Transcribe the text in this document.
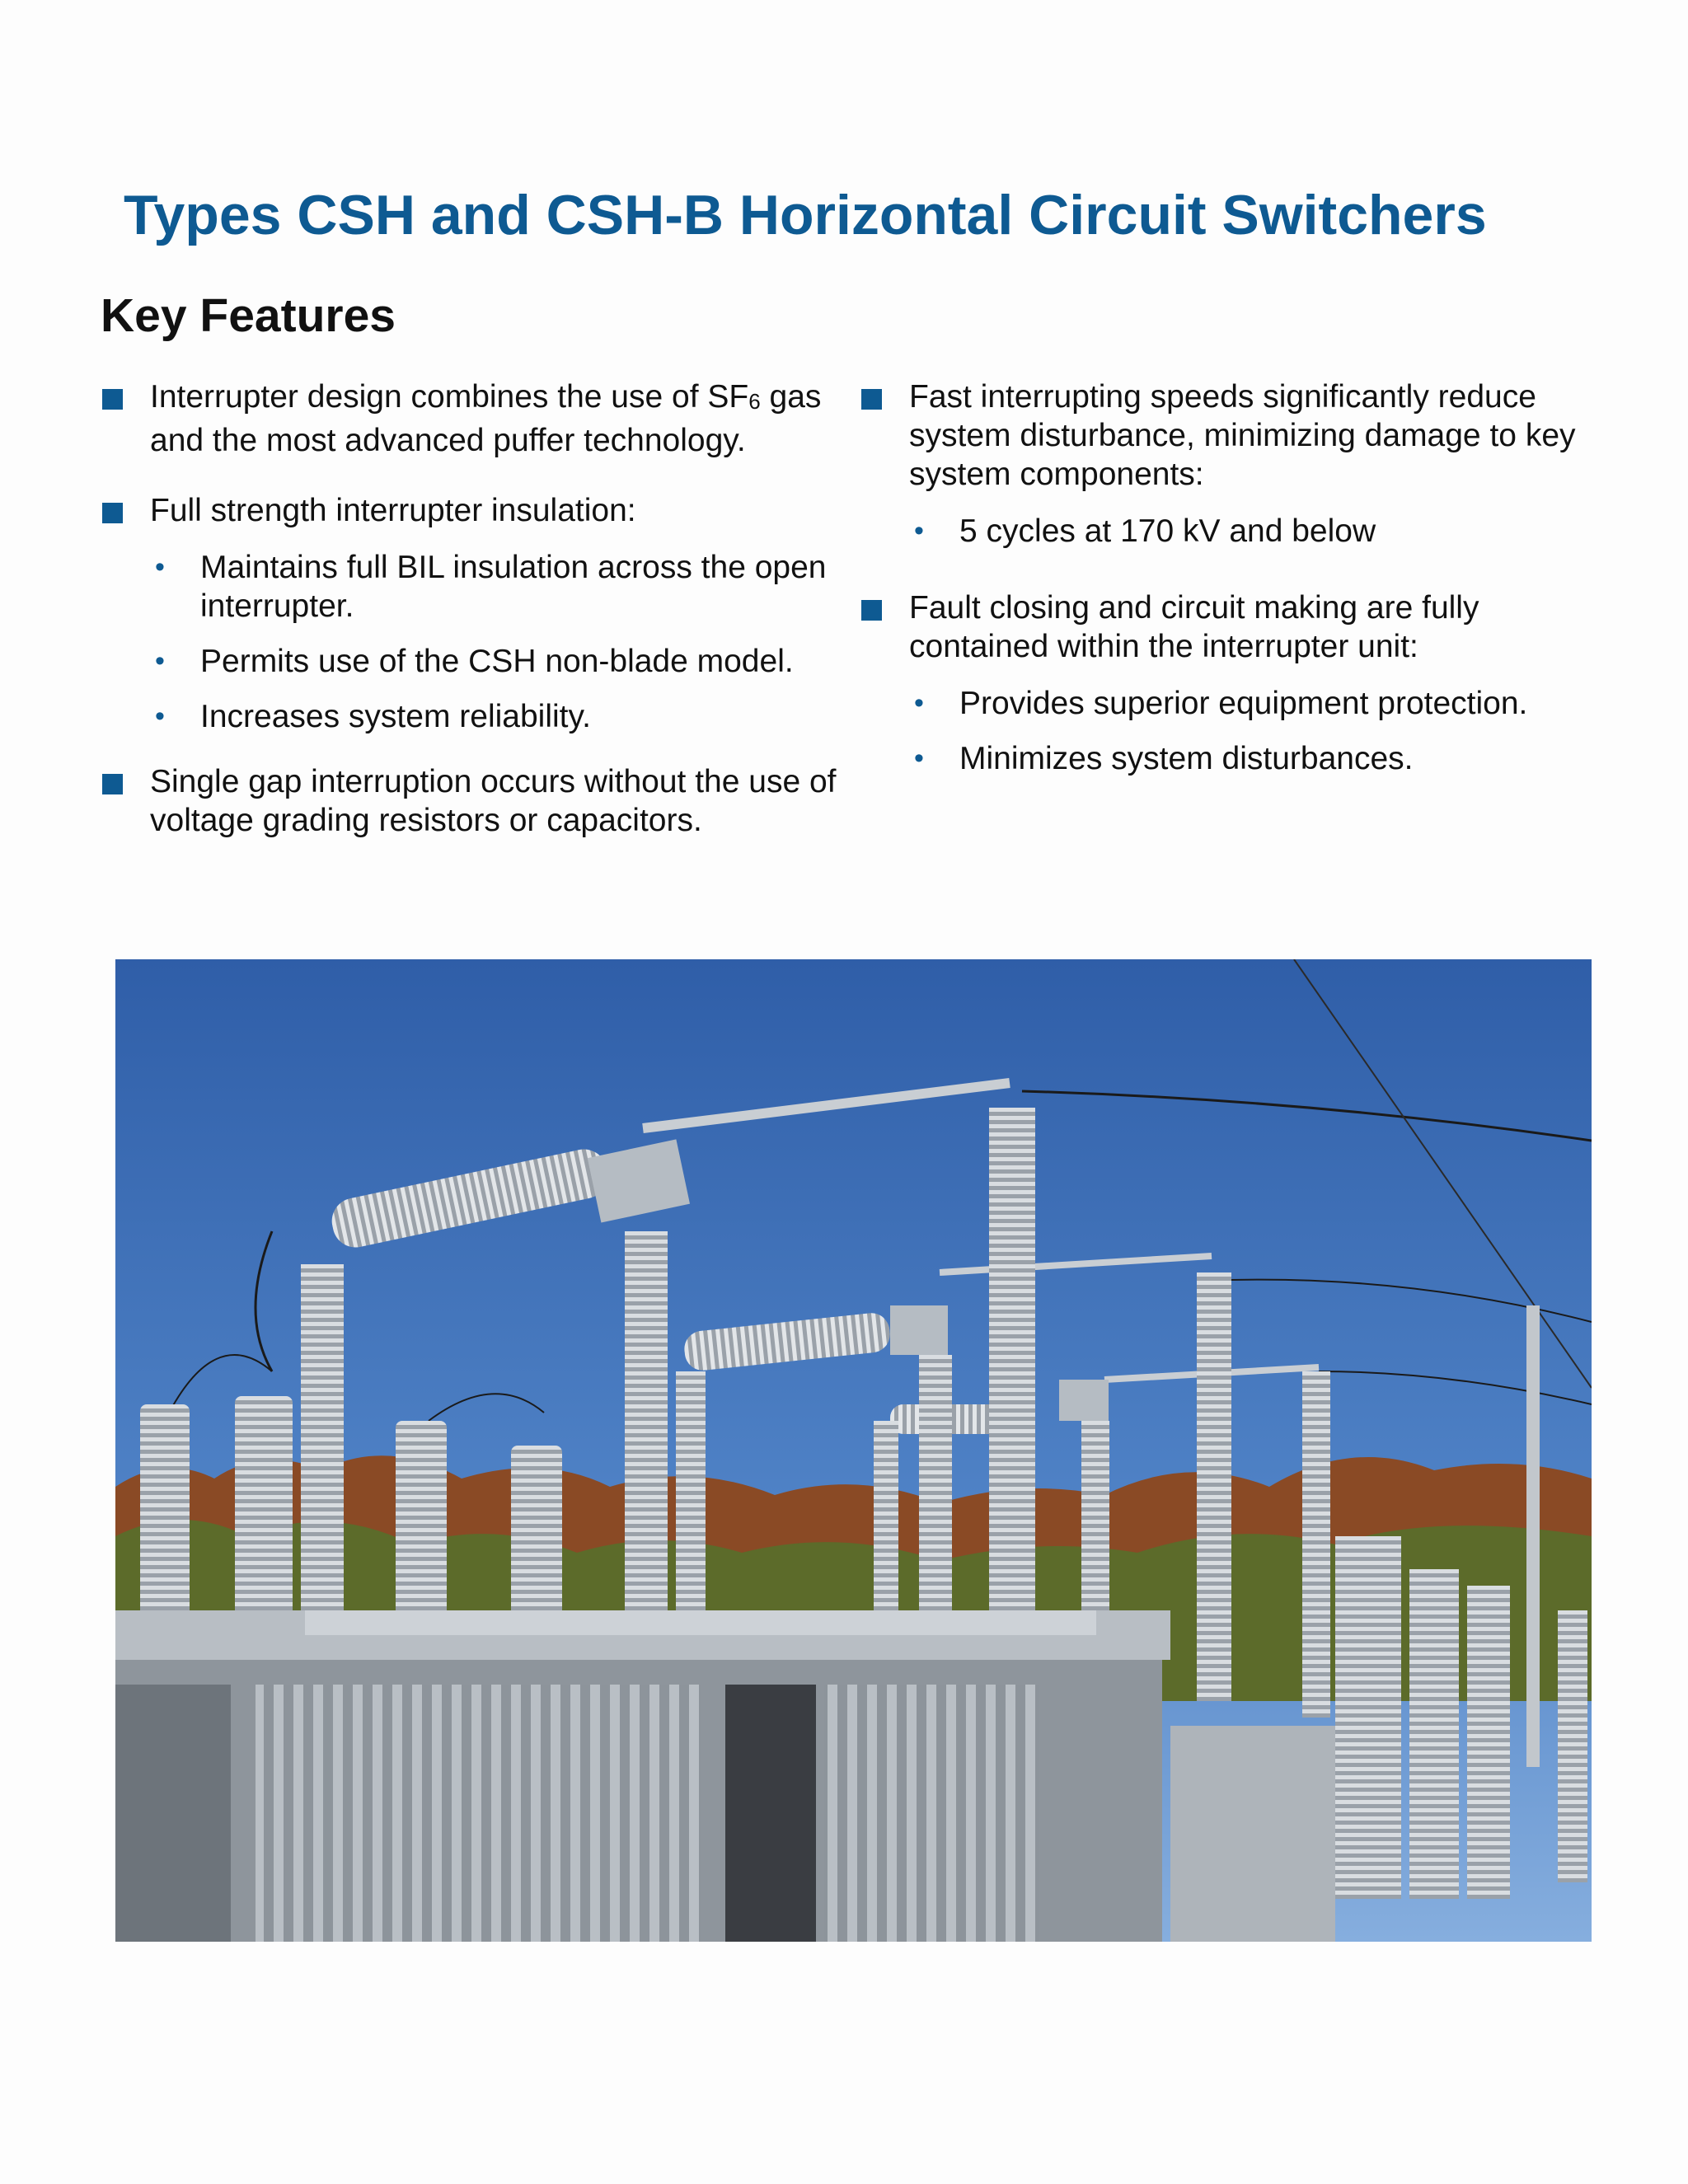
Types CSH and CSH-B Horizontal Circuit Switchers
Key Features
Interrupter design combines the use of $SF_6$ gas and the most advanced puffer technology.
Full strength interrupter insulation:
• Maintains full BIL insulation across the open interrupter.
• Permits use of the CSH non-blade model.
• Increases system reliability.
Single gap interruption occurs without the use of voltage grading resistors or capacitors.
Fast interrupting speeds significantly reduce system disturbance, minimizing damage to key system components:
• 5 cycles at 170 kV and below
Fault closing and circuit making are fully contained within the interrupter unit:
• Provides superior equipment protection.
• Minimizes system disturbances.
